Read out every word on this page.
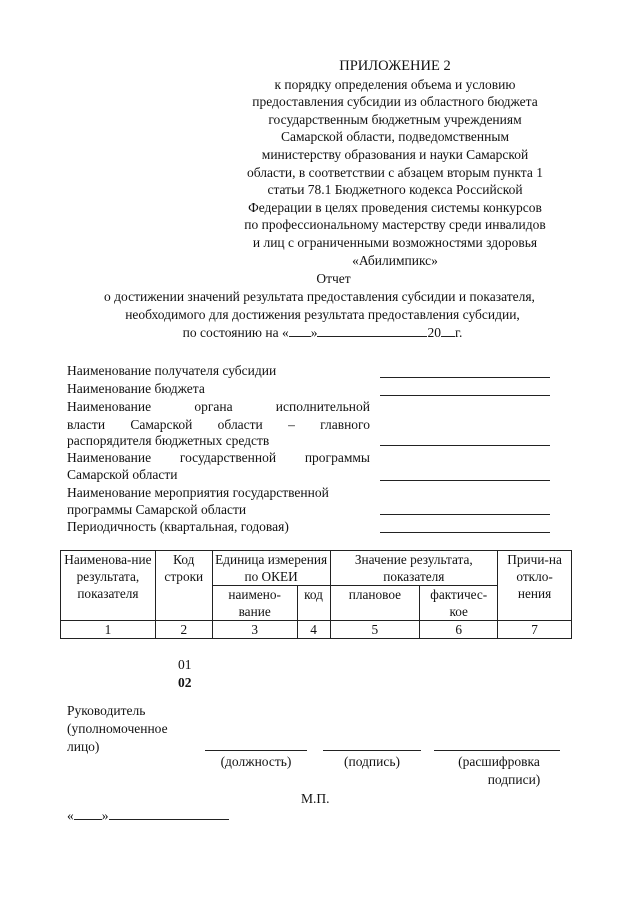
ПРИЛОЖЕНИЕ 2
к порядку определения объема и условию
предоставления субсидии из областного бюджета
государственным бюджетным учреждениям
Самарской области, подведомственным
министерству образования и науки Самарской
области, в соответствии с абзацем вторым пункта 1
статьи 78.1 Бюджетного кодекса Российской
Федерации в целях проведения системы конкурсов
по профессиональному мастерству среди инвалидов
и лиц с ограниченными возможностями здоровья
«Абилимпикс»
Отчет
о достижении значений результата предоставления субсидии и показателя,
необходимого для достижения результата предоставления субсидии,
по состоянию на « »	20 г.
Наименование получателя субсидии
Наименование бюджета
Наименование органа исполнительной
власти Самарской области – главного
распорядителя бюджетных средств
Наименование государственной программы
Самарской области
Наименование мероприятия государственной
программы Самарской области
Периодичность (квартальная, годовая)
Наименова-ние результата, показателя	Код строки	Единица измерения по ОКЕИ		Значение результата, показателя		Причи-на откло-нения
		наимено-вание	код	плановое	фактичес-кое	
1	2	3	4	5	6	7
01
02
Руководитель
(уполномоченное
лицо)
(должность)	(подпись)	(расшифровка
подписи)
М.П.
« »
